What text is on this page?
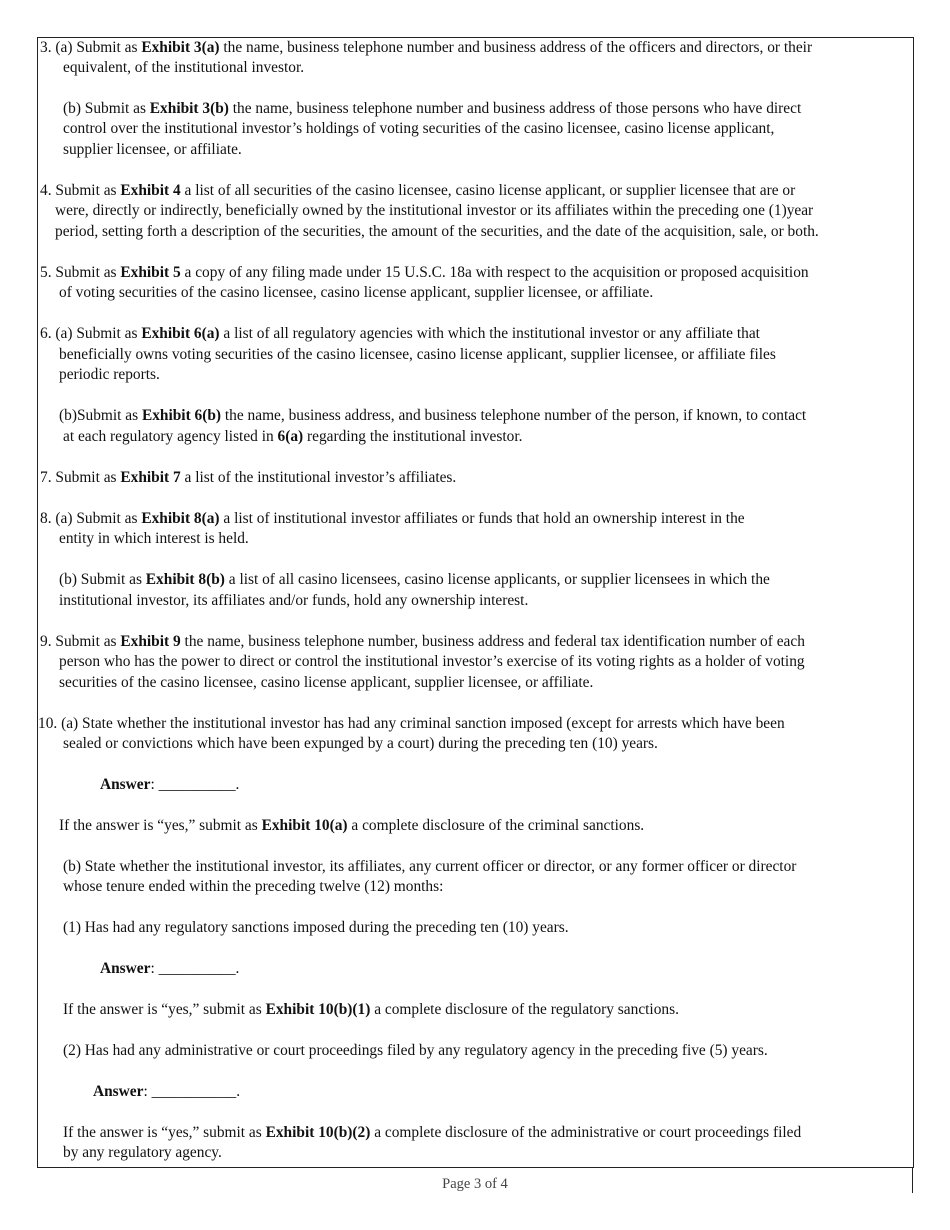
3. (a) Submit as Exhibit 3(a) the name, business telephone number and business address of the officers and directors, or their
equivalent, of the institutional investor.
(b) Submit as Exhibit 3(b) the name, business telephone number and business address of those persons who have direct
control over the institutional investor’s holdings of voting securities of the casino licensee, casino license applicant,
supplier licensee, or affiliate.
4. Submit as Exhibit 4 a list of all securities of the casino licensee, casino license applicant, or supplier licensee that are or
were, directly or indirectly, beneficially owned by the institutional investor or its affiliates within the preceding one (1)year
period, setting forth a description of the securities, the amount of the securities, and the date of the acquisition, sale, or both.
5. Submit as Exhibit 5 a copy of any filing made under 15 U.S.C. 18a with respect to the acquisition or proposed acquisition
of voting securities of the casino licensee, casino license applicant, supplier licensee, or affiliate.
6. (a) Submit as Exhibit 6(a) a list of all regulatory agencies with which the institutional investor or any affiliate that
beneficially owns voting securities of the casino licensee, casino license applicant, supplier licensee, or affiliate files
periodic reports.
(b)Submit as Exhibit 6(b) the name, business address, and business telephone number of the person, if known, to contact
at each regulatory agency listed in 6(a) regarding the institutional investor.
7. Submit as Exhibit 7 a list of the institutional investor’s affiliates.
8. (a) Submit as Exhibit 8(a) a list of institutional investor affiliates or funds that hold an ownership interest in the
entity in which interest is held.
(b) Submit as Exhibit 8(b) a list of all casino licensees, casino license applicants, or supplier licensees in which the
institutional investor, its affiliates and/or funds, hold any ownership interest.
9. Submit as Exhibit 9 the name, business telephone number, business address and federal tax identification number of each
person who has the power to direct or control the institutional investor’s exercise of its voting rights as a holder of voting
securities of the casino licensee, casino license applicant, supplier licensee, or affiliate.
10. (a) State whether the institutional investor has had any criminal sanction imposed (except for arrests which have been
sealed or convictions which have been expunged by a court) during the preceding ten (10) years.
Answer: __________.
If the answer is “yes,” submit as Exhibit 10(a) a complete disclosure of the criminal sanctions.
(b) State whether the institutional investor, its affiliates, any current officer or director, or any former officer or director
whose tenure ended within the preceding twelve (12) months:
(1) Has had any regulatory sanctions imposed during the preceding ten (10) years.
Answer: __________.
If the answer is “yes,” submit as Exhibit 10(b)(1) a complete disclosure of the regulatory sanctions.
(2) Has had any administrative or court proceedings filed by any regulatory agency in the preceding five (5) years.
Answer: ___________.
If the answer is “yes,” submit as Exhibit 10(b)(2) a complete disclosure of the administrative or court proceedings filed
by any regulatory agency.
Page 3 of 4
